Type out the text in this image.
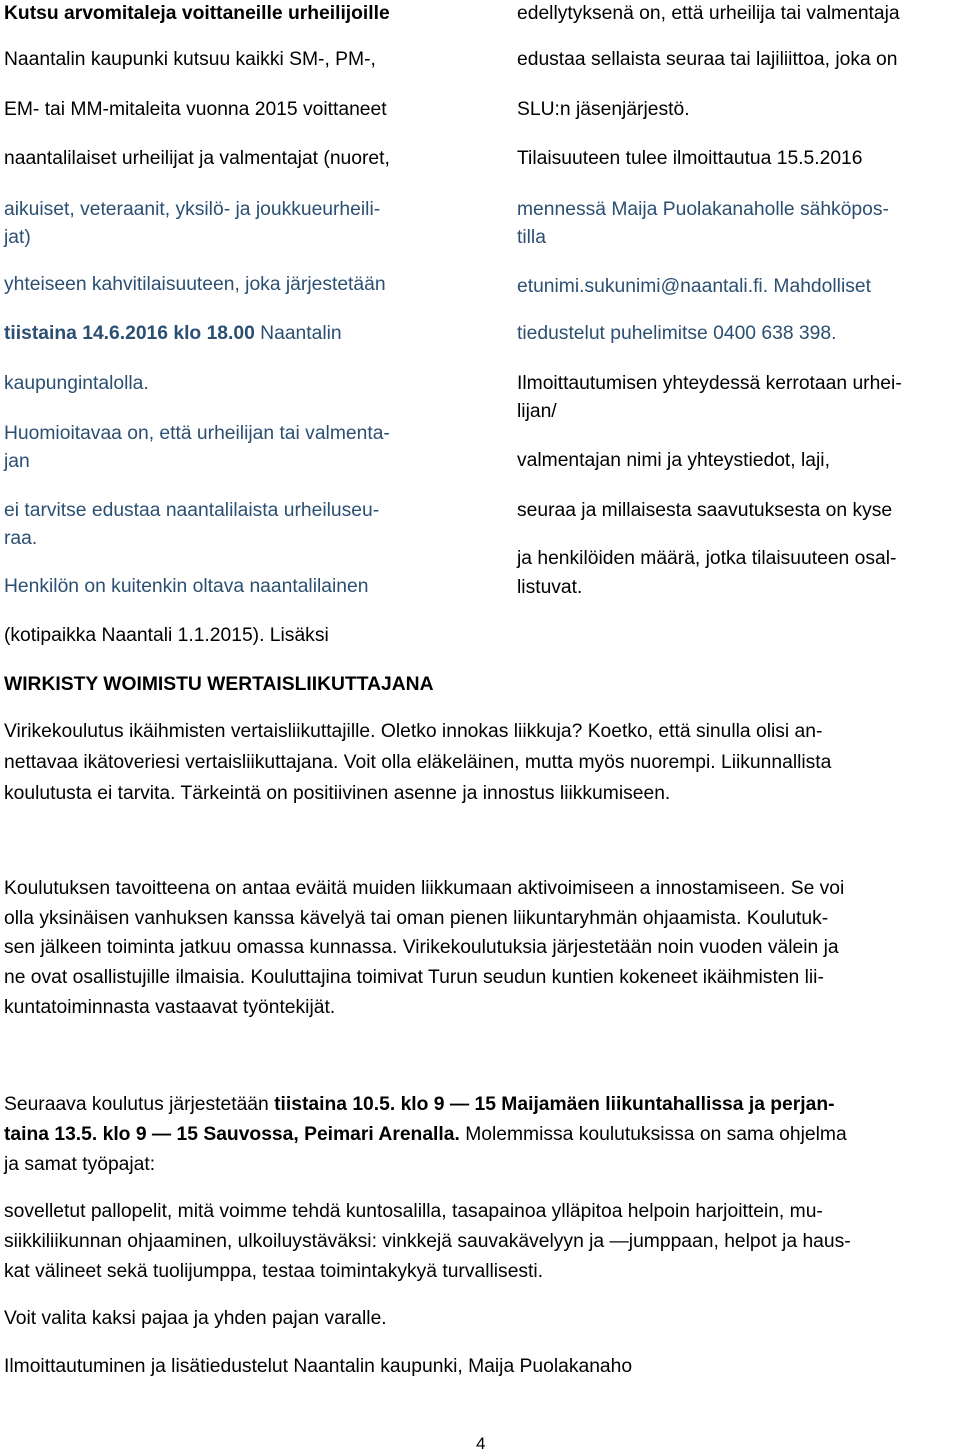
Kutsu arvomitaleja voittaneille urheilijoille
Naantalin kaupunki kutsuu kaikki SM-, PM-,
EM- tai MM-mitaleita vuonna 2015 voittaneet
naantalilaiset urheilijat ja valmentajat (nuoret,
aikuiset, veteraanit, yksilö- ja joukkueurheili-
jat)
yhteiseen kahvitilaisuuteen, joka järjestetään
tiistaina 14.6.2016 klo 18.00 Naantalin
kaupungintalolla.
Huomioitavaa on, että urheilijan tai valmenta-
jan
ei tarvitse edustaa naantalilaista urheiluseu-
raa.
Henkilön on kuitenkin oltava naantalilainen
(kotipaikka Naantali 1.1.2015). Lisäksi
edellytyksenä on, että urheilija tai valmentaja
edustaa sellaista seuraa tai lajiliittoa, joka on
SLU:n jäsenjärjestö.
Tilaisuuteen tulee ilmoittautua 15.5.2016
mennessä Maija Puolakanaholle sähköpos-
tilla
etunimi.sukunimi@naantali.fi. Mahdolliset
tiedustelut puhelimitse 0400 638 398.
Ilmoittautumisen yhteydessä kerrotaan urhei-
lijan/
valmentajan nimi ja yhteystiedot, laji,
seuraa ja millaisesta saavutuksesta on kyse
ja henkilöiden määrä, jotka tilaisuuteen osal-
listuvat.
WIRKISTY WOIMISTU WERTAISLIIKUTTAJANA
Virikekoulutus ikäihmisten vertaisliikuttajille. Oletko innokas liikkuja? Koetko, että sinulla olisi an-
nettavaa ikätoveriesi vertaisliikuttajana. Voit olla eläkeläinen, mutta myös nuorempi. Liikunnallista
koulutusta ei tarvita. Tärkeintä on positiivinen asenne ja innostus liikkumiseen.
Koulutuksen tavoitteena on antaa eväitä muiden liikkumaan aktivoimiseen a innostamiseen. Se voi
olla yksinäisen vanhuksen kanssa kävelyä tai oman pienen liikuntaryhmän ohjaamista. Koulutuk-
sen jälkeen toiminta jatkuu omassa kunnassa. Virikekoulutuksia järjestetään noin vuoden välein ja
ne ovat osallistujille ilmaisia. Kouluttajina toimivat Turun seudun kuntien kokeneet ikäihmisten lii-
kuntatoiminnasta vastaavat työntekijät.
Seuraava koulutus järjestetään tiistaina 10.5. klo 9 — 15 Maijamäen liikuntahallissa ja perjan-
taina 13.5. klo 9 — 15 Sauvossa, Peimari Arenalla. Molemmissa koulutuksissa on sama ohjelma
ja samat työpajat:
sovelletut pallopelit, mitä voimme tehdä kuntosalilla, tasapainoa ylläpitoa helpoin harjoittein, mu-
siikkiliikunnan ohjaaminen, ulkoiluystäväksi: vinkkejä sauvakävelyyn ja —jumppaan, helpot ja haus-
kat välineet sekä tuolijumppa, testaa toimintakykyä turvallisesti.
Voit valita kaksi pajaa ja yhden pajan varalle.
Ilmoittautuminen ja lisätiedustelut Naantalin kaupunki, Maija Puolakanaho
4
